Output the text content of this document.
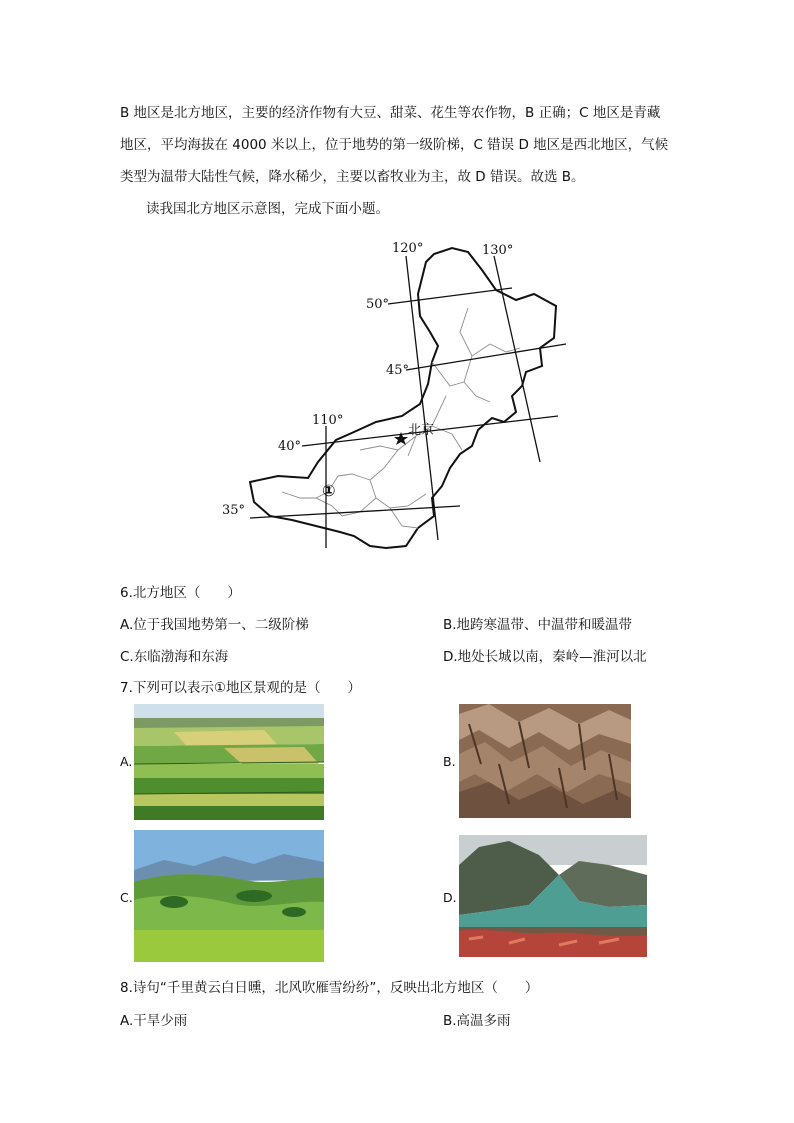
B 地区是北方地区，主要的经济作物有大豆、甜菜、花生等农作物，B 正确；C 地区是青藏
地区，平均海拔在 4000 米以上，位于地势的第一级阶梯，C 错误 D 地区是西北地区，气候
类型为温带大陆性气候，降水稀少，主要以畜牧业为主，故 D 错误。故选 B。
读我国北方地区示意图，完成下面小题。
120°	130°
110°
50°
45°
40°
35°
北京
①
6.北方地区（　　）
A.位于我国地势第一、二级阶梯	B.地跨寒温带、中温带和暖温带
C.东临渤海和东海	D.地处长城以南，秦岭—淮河以北
7.下列可以表示①地区景观的是（　　）
A.	B.
C.	D.
8.诗句“千里黄云白日曛，北风吹雁雪纷纷”，反映出北方地区（　　）
A.干旱少雨	B.高温多雨
